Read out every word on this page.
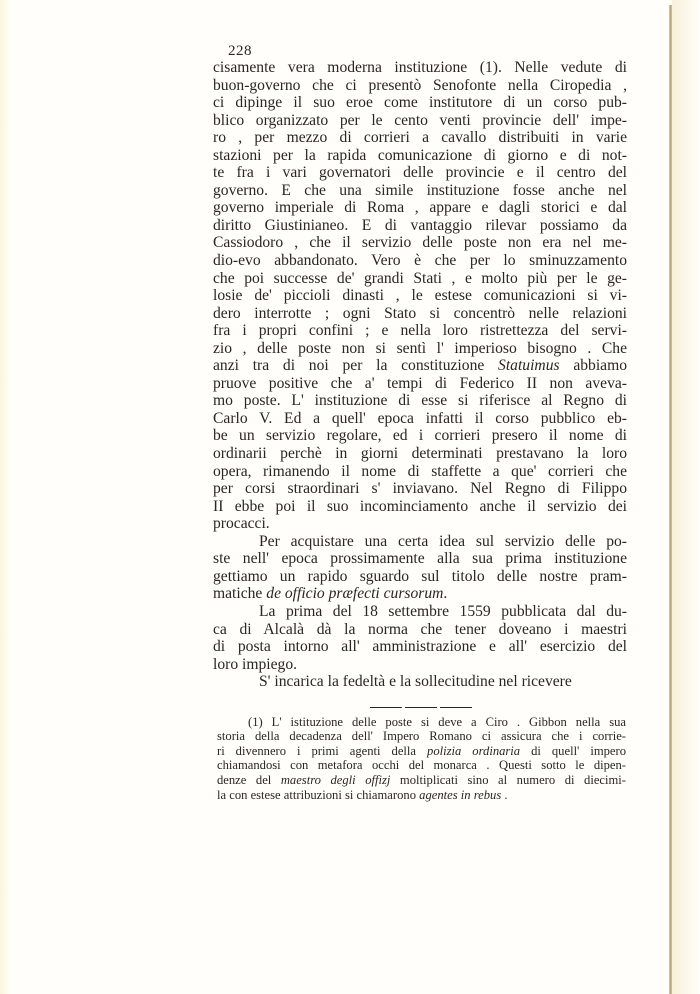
228
cisamente vera moderna instituzione (1). Nelle vedute di
buon-governo che ci presentò Senofonte nella Ciropedia ,
ci dipinge il suo eroe come institutore di un corso pub-
blico organizzato per le cento venti provincie dell' impe-
ro , per mezzo di corrieri a cavallo distribuiti in varie
stazioni per la rapida comunicazione di giorno e di not-
te fra i vari governatori delle provincie e il centro del
governo. E che una simile instituzione fosse anche nel
governo imperiale di Roma , appare e dagli storici e dal
diritto Giustinianeo. E di vantaggio rilevar possiamo da
Cassiodoro , che il servizio delle poste non era nel me-
dio-evo abbandonato. Vero è che per lo sminuzzamento
che poi successe de' grandi Stati , e molto più per le ge-
losie de' piccioli dinasti , le estese comunicazioni si vi-
dero interrotte ; ogni Stato si concentrò nelle relazioni
fra i propri confini ; e nella loro ristrettezza del servi-
zio , delle poste non si sentì l' imperioso bisogno . Che
anzi tra di noi per la constituzione Statuimus abbiamo
pruove positive che a' tempi di Federico II non aveva-
mo poste. L' instituzione di esse si riferisce al Regno di
Carlo V. Ed a quell' epoca infatti il corso pubblico eb-
be un servizio regolare, ed i corrieri presero il nome di
ordinarii perchè in giorni determinati prestavano la loro
opera, rimanendo il nome di staffette a que' corrieri che
per corsi straordinari s' inviavano. Nel Regno di Filippo
II ebbe poi il suo incominciamento anche il servizio dei
procacci.
Per acquistare una certa idea sul servizio delle po-
ste nell' epoca prossimamente alla sua prima instituzione
gettiamo un rapido sguardo sul titolo delle nostre pram-
matiche de officio præfecti cursorum.
La prima del 18 settembre 1559 pubblicata dal du-
ca di Alcalà dà la norma che tener doveano i maestri
di posta intorno all' amministrazione e all' esercizio del
loro impiego.
S' incarica la fedeltà e la sollecitudine nel ricevere
(1) L' istituzione delle poste si deve a Ciro . Gibbon nella sua
storia della decadenza dell' Impero Romano ci assicura che i corrie-
ri divennero i primi agenti della polizia ordinaria di quell' impero
chiamandosi con metafora occhi del monarca . Questi sotto le dipen-
denze del maestro degli offizj moltiplicati sino al numero di diecimi-
la con estese attribuzioni si chiamarono agentes in rebus .
